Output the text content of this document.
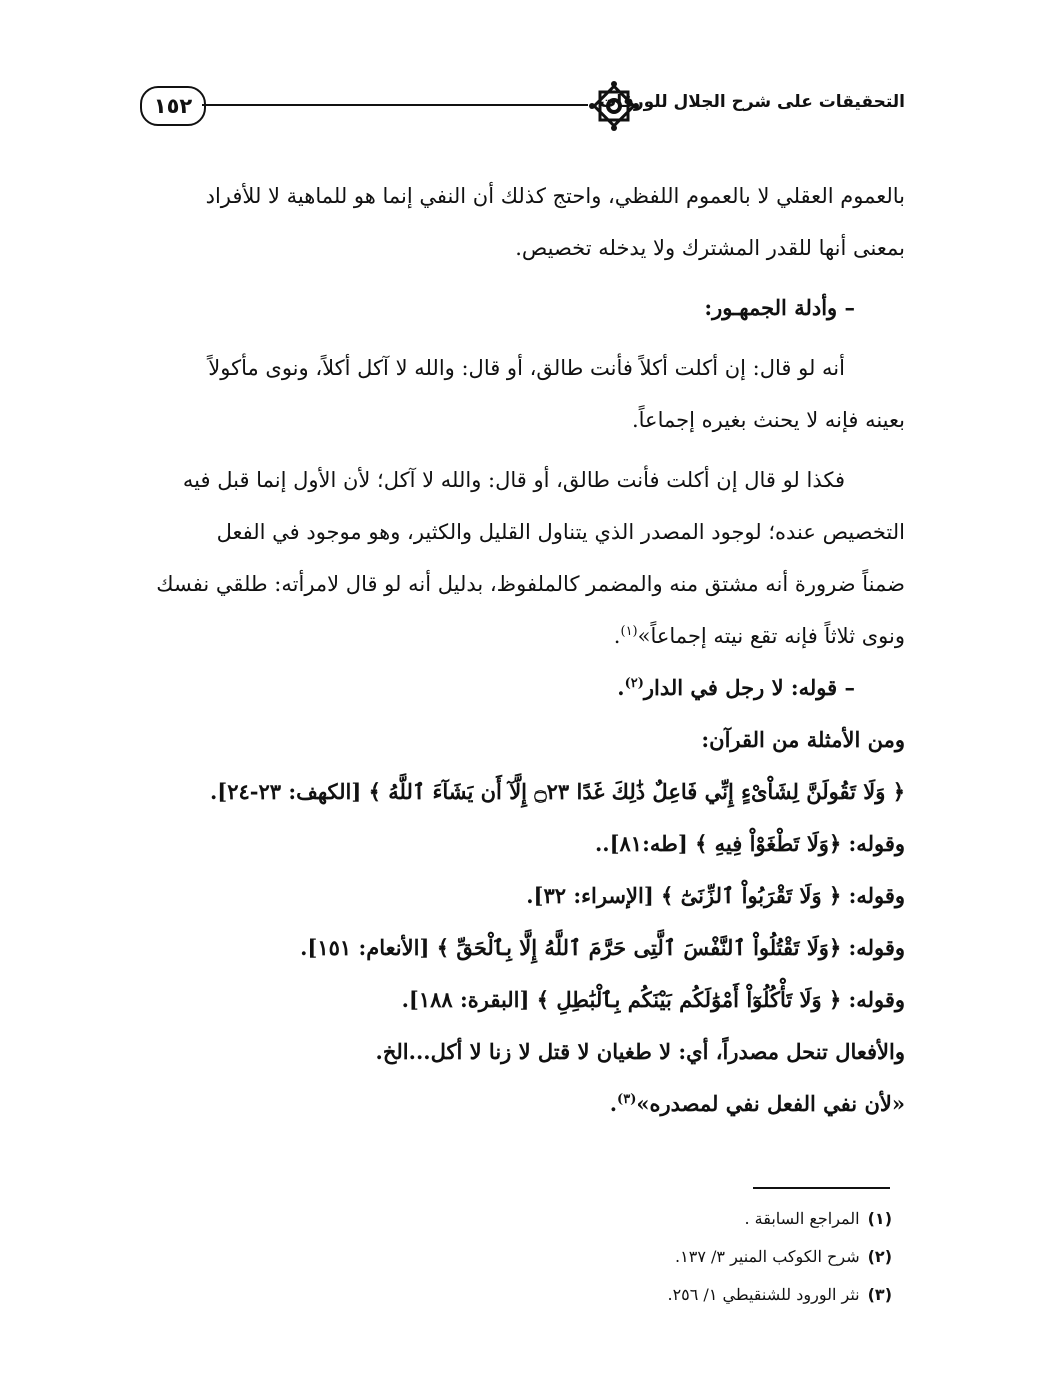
١٥٢	التحقيقات على شرح الجلال للورقات

بالعموم العقلي لا بالعموم اللفظي، واحتج كذلك أن النفي إنما هو للماهية لا للأفراد

بمعنى أنها للقدر المشترك ولا يدخله تخصيص.

– وأدلة الجمهـور:

أنه لو قال: إن أكلت أكلاً فأنت طالق، أو قال: والله لا آكل أكلاً، ونوى مأكولاً

بعينه فإنه لا يحنث بغيره إجماعاً.

فكذا لو قال إن أكلت فأنت طالق، أو قال: والله لا آكل؛ لأن الأول إنما قبل فيه

التخصيص عنده؛ لوجود المصدر الذي يتناول القليل والكثير، وهو موجود في الفعل

ضمناً ضرورة أنه مشتق منه والمضمر كالملفوظ، بدليل أنه لو قال لامرأته: طلقي نفسك

ونوى ثلاثاً فإنه تقع نيته إجماعاً»$^{(١)}$.

– قوله: لا رجل في الدار$^{(٢)}$.

ومن الأمثلة من القرآن:

﴿ وَلَا تَقُولَنَّ لِشَاْىْءٍ إِنِّي فَاعِلٌ ذَٰلِكَ غَدًا ۝٢٣ إِلَّآ أَن يَشَآءَ ٱللَّهُ ﴾ [الكهف: ٢٣-٢٤].

وقوله: ﴿وَلَا تَطْغَوْاْ فِيهِ ﴾ [طه:٨١]..

وقوله: ﴿ وَلَا تَقْرَبُواْ ٱلزِّنَىٰٓ ﴾ [الإسراء: ٣٢].

وقوله: ﴿وَلَا تَقْتُلُواْ ٱلنَّفْسَ ٱلَّتِى حَرَّمَ ٱللَّهُ إِلَّا بِٱلْحَقِّ ﴾ [الأنعام: ١٥١].

وقوله: ﴿ وَلَا تَأْكُلُوٓاْ أَمْوَٰلَكُم بَيْنَكُم بِٱلْبَٰطِلِ ﴾ [البقرة: ١٨٨].

والأفعال تنحل مصدراً، أي: لا طغيان لا قتل لا زنا لا أكل...الخ.

«لأن نفي الفعل نفي لمصدره»$^{(٣)}$.

(١)المراجع السابقة .

(٢)شرح الكوكب المنير ٣/ ١٣٧.

(٣)نثر الورود للشنقيطي ١/ ٢٥٦.
